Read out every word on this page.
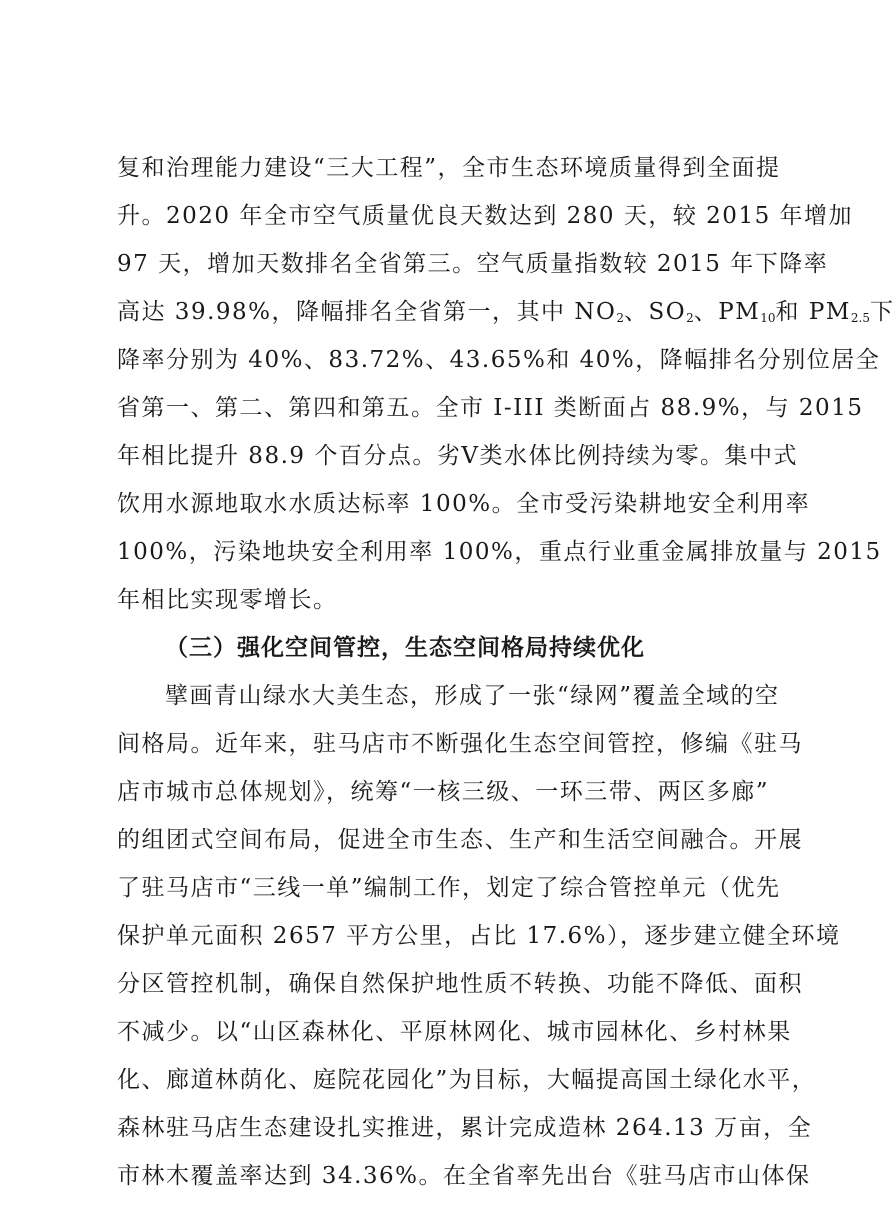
复和治理能力建设“三大工程”，全市生态环境质量得到全面提
升。2020 年全市空气质量优良天数达到 280 天，较 2015 年增加
97 天，增加天数排名全省第三。空气质量指数较 2015 年下降率
高达 39.98%，降幅排名全省第一，其中 $NO_2$、$SO_2$、$PM_{10}$和 $PM_{2.5}$下
降率分别为 40%、83.72%、43.65%和 40%，降幅排名分别位居全
省第一、第二、第四和第五。全市 I-III 类断面占 88.9%，与 2015
年相比提升 88.9 个百分点。劣Ⅴ类水体比例持续为零。集中式
饮用水源地取水水质达标率 100%。全市受污染耕地安全利用率
100%，污染地块安全利用率 100%，重点行业重金属排放量与 2015
年相比实现零增长。
（三）强化空间管控，生态空间格局持续优化
擘画青山绿水大美生态，形成了一张“绿网”覆盖全域的空
间格局。近年来，驻马店市不断强化生态空间管控，修编《驻马
店市城市总体规划》，统筹“一核三级、一环三带、两区多廊”
的组团式空间布局，促进全市生态、生产和生活空间融合。开展
了驻马店市“三线一单”编制工作，划定了综合管控单元（优先
保护单元面积 2657 平方公里，占比 17.6%），逐步建立健全环境
分区管控机制，确保自然保护地性质不转换、功能不降低、面积
不减少。以“山区森林化、平原林网化、城市园林化、乡村林果
化、廊道林荫化、庭院花园化”为目标，大幅提高国土绿化水平，
森林驻马店生态建设扎实推进，累计完成造林 264.13 万亩，全
市林木覆盖率达到 34.36%。在全省率先出台《驻马店市山体保
